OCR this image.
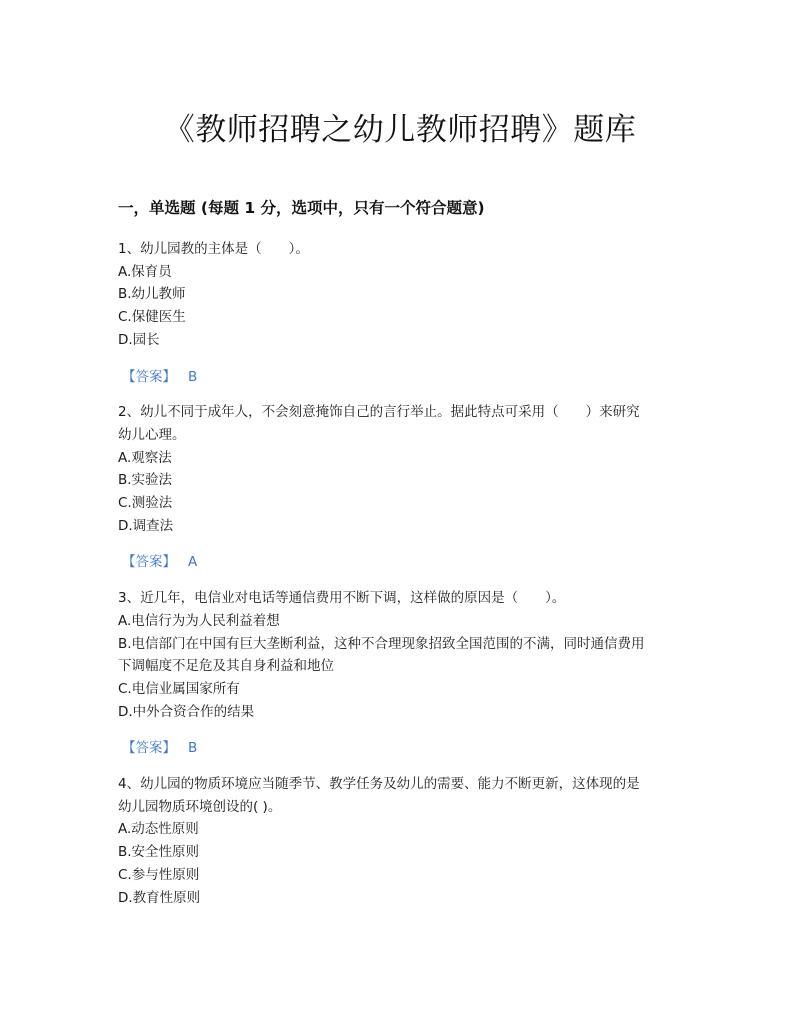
《教师招聘之幼儿教师招聘》题库
一，单选题 (每题 1 分，选项中，只有一个符合题意)

1、幼儿园教的主体是（　　）。

A.保育员

B.幼儿教师

C.保健医生

D.园长

【答案】 B

2、幼儿不同于成年人，不会刻意掩饰自己的言行举止。据此特点可采用（　　）来研究

幼儿心理。

A.观察法

B.实验法

C.测验法

D.调查法

【答案】 A

3、近几年，电信业对电话等通信费用不断下调，这样做的原因是（　　）。

A.电信行为为人民利益着想

B.电信部门在中国有巨大垄断利益，这种不合理现象招致全国范围的不满，同时通信费用

下调幅度不足危及其自身利益和地位

C.电信业属国家所有

D.中外合资合作的结果

【答案】 B

4、幼儿园的物质环境应当随季节、教学任务及幼儿的需要、能力不断更新，这体现的是

幼儿园物质环境创设的( )。

A.动态性原则

B.安全性原则

C.参与性原则

D.教育性原则
